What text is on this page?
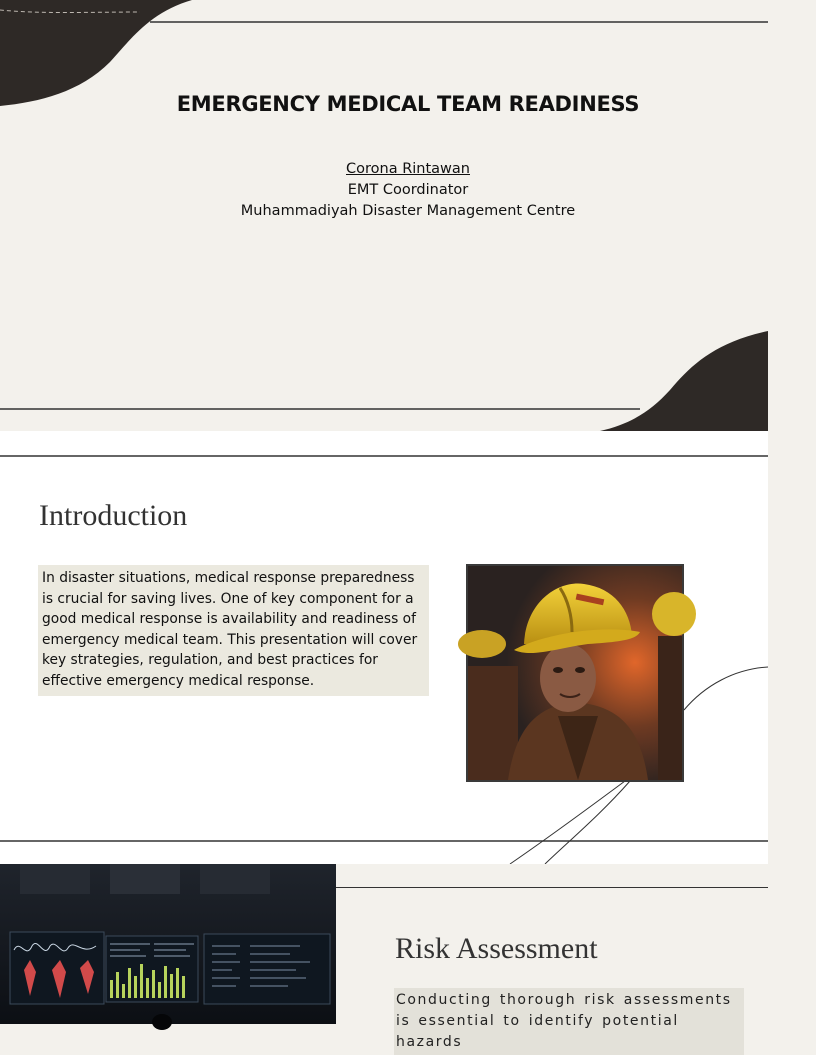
EMERGENCY MEDICAL TEAM READINESS
Corona Rintawan
EMT Coordinator
Muhammadiyah Disaster Management Centre
Introduction
In disaster situations, medical response preparedness is crucial for saving lives. One of key component for a good medical response is availability and readiness of emergency medical team. This presentation will cover key strategies, regulation, and best practices for effective emergency medical response.
Risk Assessment
Conducting thorough risk assessments is essential to identify potential hazards
